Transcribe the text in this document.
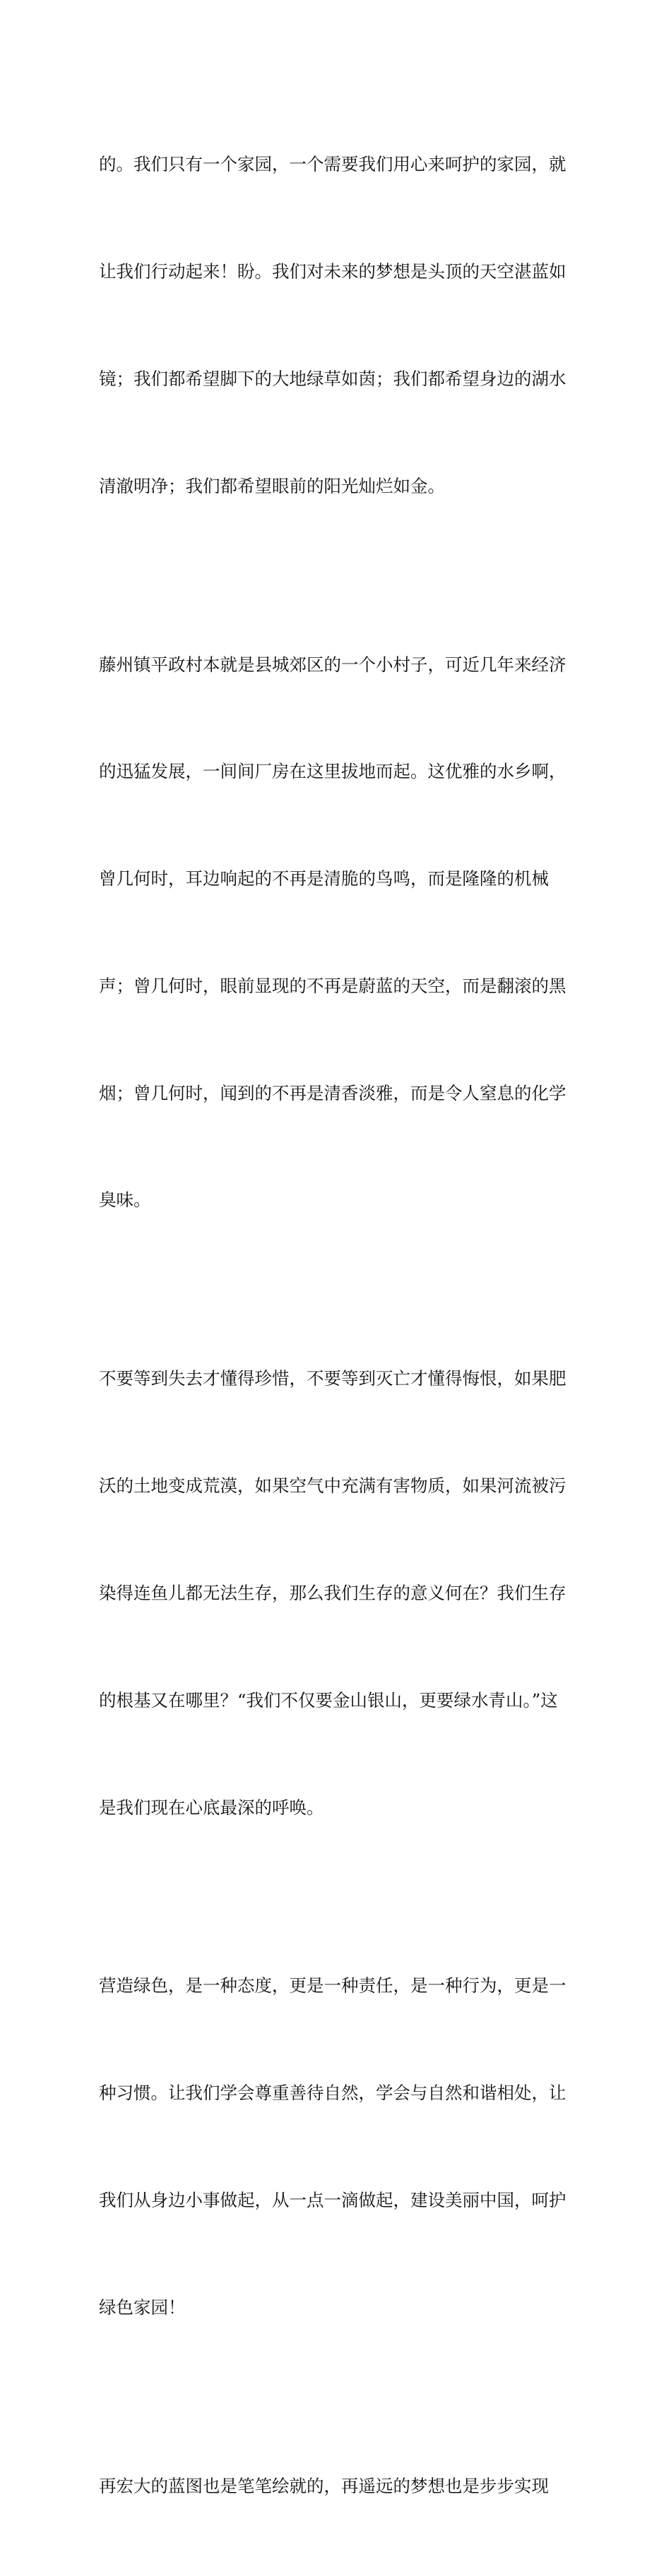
的。我们只有一个家园，一个需要我们用心来呵护的家园，就

让我们行动起来！盼。我们对未来的梦想是头顶的天空湛蓝如

镜；我们都希望脚下的大地绿草如茵；我们都希望身边的湖水

清澈明净；我们都希望眼前的阳光灿烂如金。

藤州镇平政村本就是县城郊区的一个小村子，可近几年来经济

的迅猛发展，一间间厂房在这里拔地而起。这优雅的水乡啊，

曾几何时，耳边响起的不再是清脆的鸟鸣，而是隆隆的机械

声；曾几何时，眼前显现的不再是蔚蓝的天空，而是翻滚的黑

烟；曾几何时，闻到的不再是清香淡雅，而是令人窒息的化学

臭味。

不要等到失去才懂得珍惜，不要等到灭亡才懂得悔恨，如果肥

沃的土地变成荒漠，如果空气中充满有害物质，如果河流被污

染得连鱼儿都无法生存，那么我们生存的意义何在？我们生存

的根基又在哪里？“我们不仅要金山银山，更要绿水青山。”这

是我们现在心底最深的呼唤。

营造绿色，是一种态度，更是一种责任，是一种行为，更是一

种习惯。让我们学会尊重善待自然，学会与自然和谐相处，让

我们从身边小事做起，从一点一滴做起，建设美丽中国，呵护

绿色家园！

再宏大的蓝图也是笔笔绘就的，再遥远的梦想也是步步实现
